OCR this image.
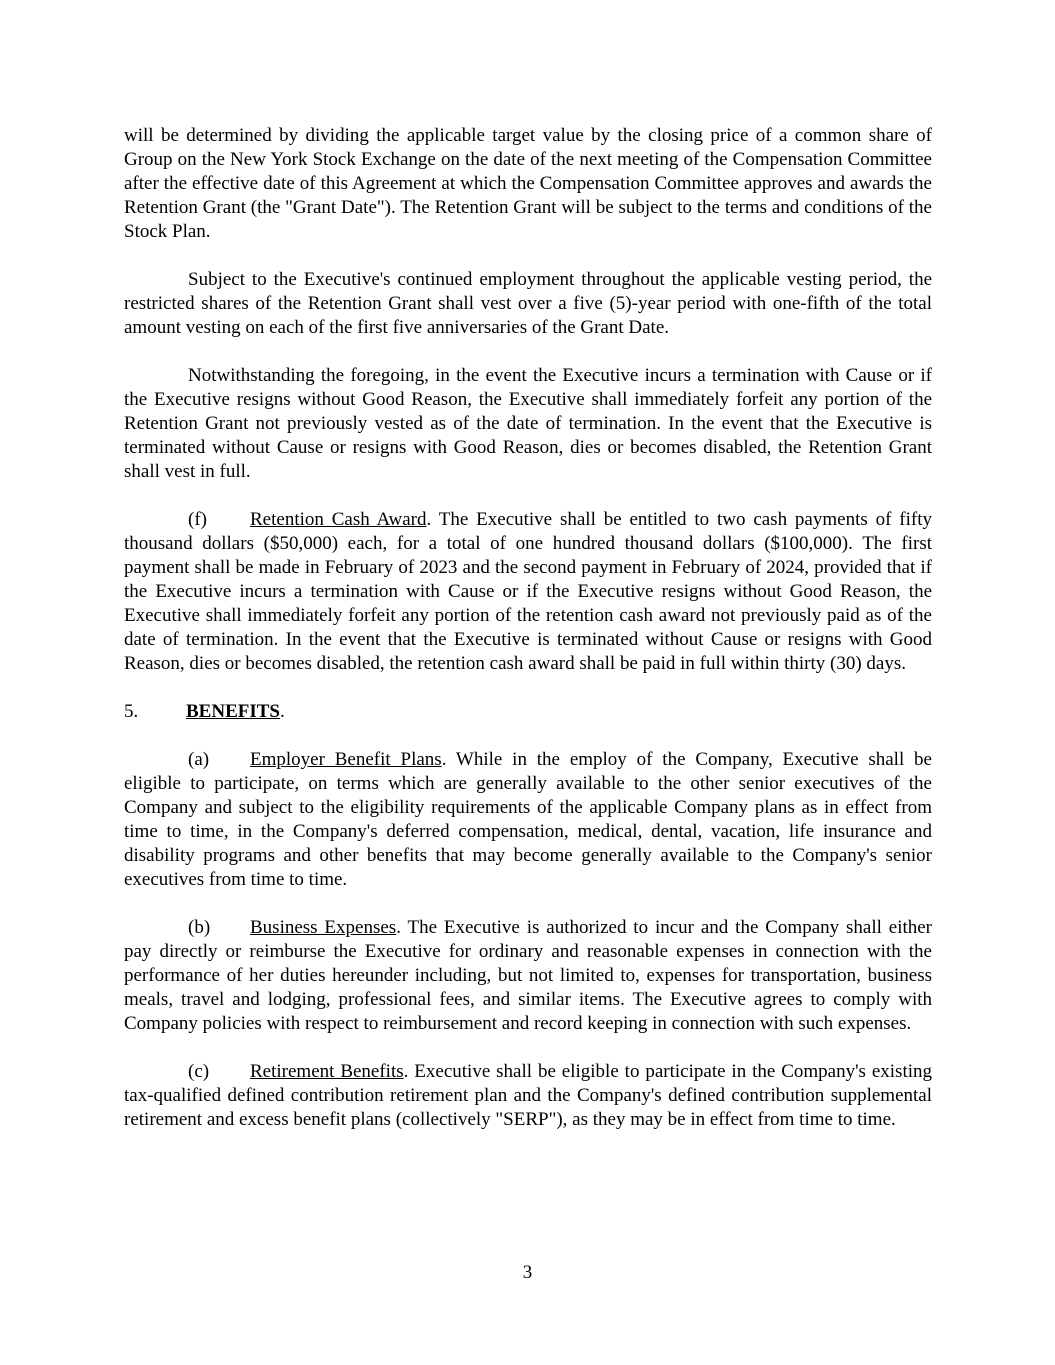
will be determined by dividing the applicable target value by the closing price of a common share of Group on the New York Stock Exchange on the date of the next meeting of the Compensation Committee after the effective date of this Agreement at which the Compensation Committee approves and awards the Retention Grant (the "Grant Date"). The Retention Grant will be subject to the terms and conditions of the Stock Plan.

Subject to the Executive's continued employment throughout the applicable vesting period, the restricted shares of the Retention Grant shall vest over a five (5)-year period with one-fifth of the total amount vesting on each of the first five anniversaries of the Grant Date.

Notwithstanding the foregoing, in the event the Executive incurs a termination with Cause or if the Executive resigns without Good Reason, the Executive shall immediately forfeit any portion of the Retention Grant not previously vested as of the date of termination. In the event that the Executive is terminated without Cause or resigns with Good Reason, dies or becomes disabled, the Retention Grant shall vest in full.

(f) Retention Cash Award. The Executive shall be entitled to two cash payments of fifty thousand dollars ($50,000) each, for a total of one hundred thousand dollars ($100,000). The first payment shall be made in February of 2023 and the second payment in February of 2024, provided that if the Executive incurs a termination with Cause or if the Executive resigns without Good Reason, the Executive shall immediately forfeit any portion of the retention cash award not previously paid as of the date of termination. In the event that the Executive is terminated without Cause or resigns with Good Reason, dies or becomes disabled, the retention cash award shall be paid in full within thirty (30) days.

5.	BENEFITS.

(a) Employer Benefit Plans. While in the employ of the Company, Executive shall be eligible to participate, on terms which are generally available to the other senior executives of the Company and subject to the eligibility requirements of the applicable Company plans as in effect from time to time, in the Company's deferred compensation, medical, dental, vacation, life insurance and disability programs and other benefits that may become generally available to the Company's senior executives from time to time.

(b) Business Expenses. The Executive is authorized to incur and the Company shall either pay directly or reimburse the Executive for ordinary and reasonable expenses in connection with the performance of her duties hereunder including, but not limited to, expenses for transportation, business meals, travel and lodging, professional fees, and similar items. The Executive agrees to comply with Company policies with respect to reimbursement and record keeping in connection with such expenses.

(c) Retirement Benefits. Executive shall be eligible to participate in the Company's existing tax-qualified defined contribution retirement plan and the Company's defined contribution supplemental retirement and excess benefit plans (collectively "SERP"), as they may be in effect from time to time.

3
